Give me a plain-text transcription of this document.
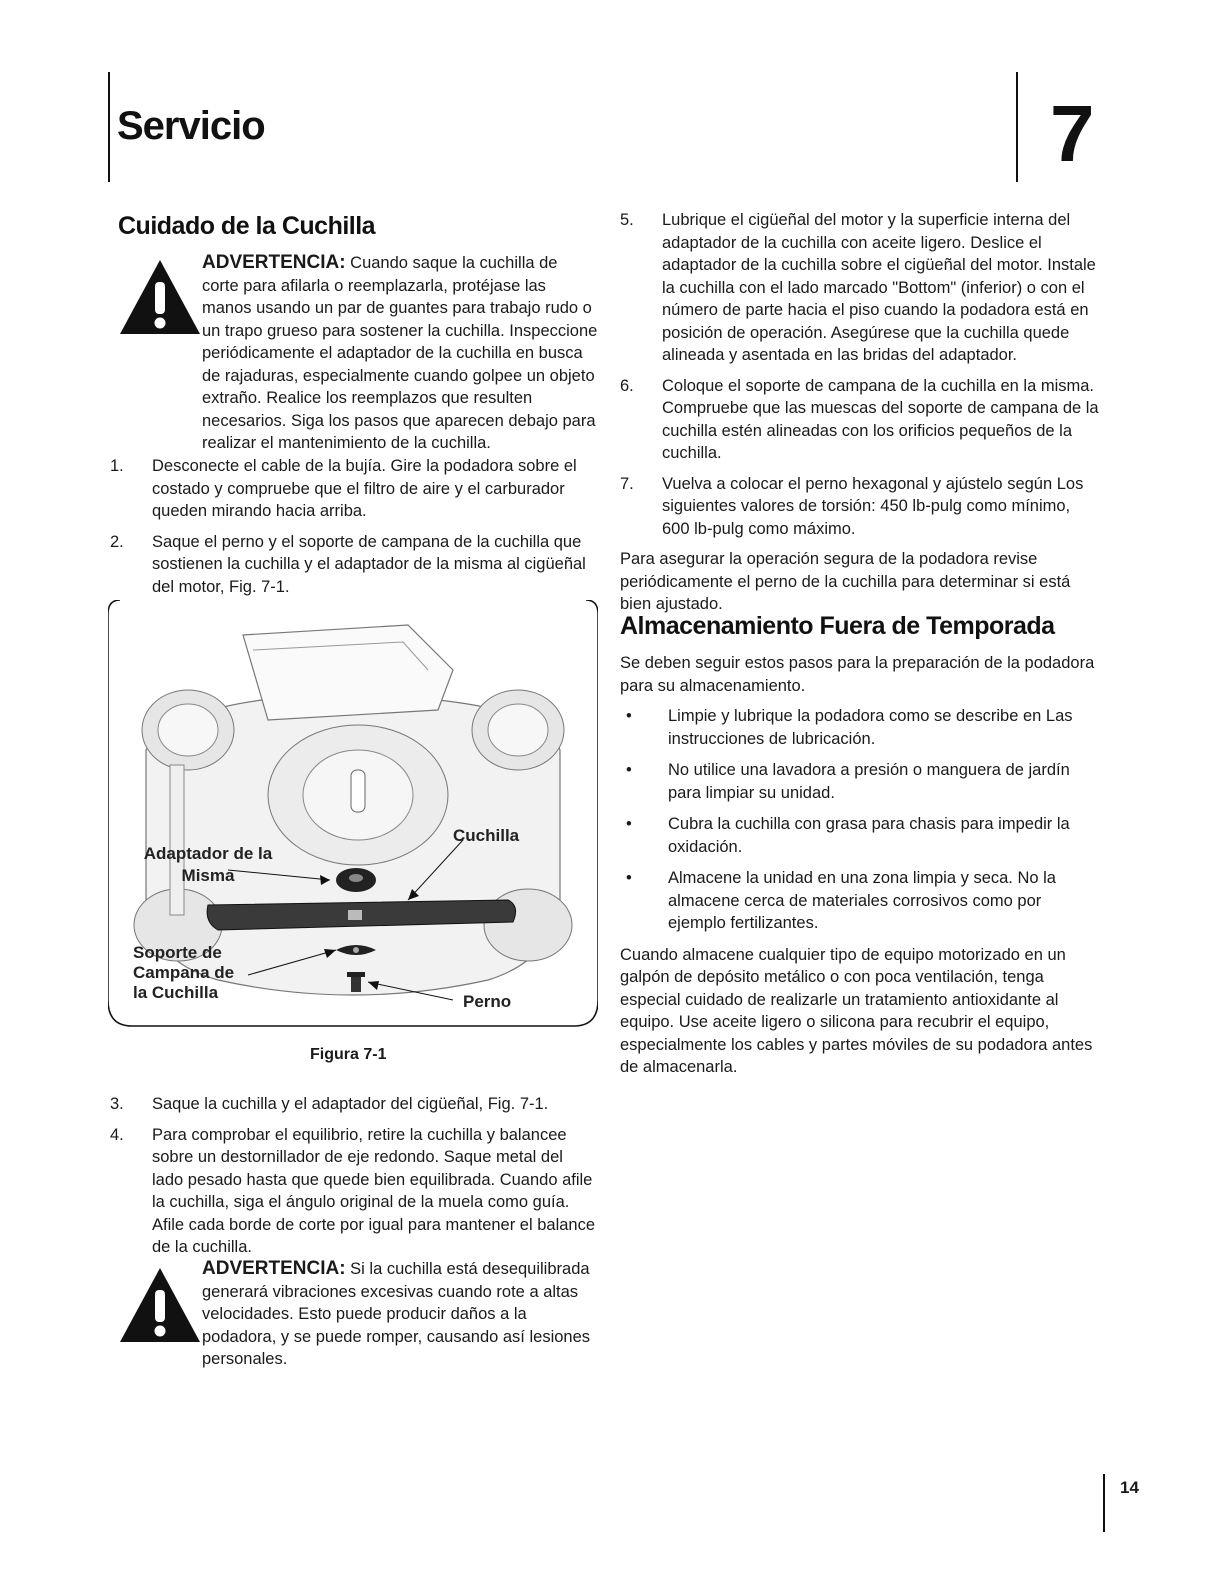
Servicio	7
Cuidado de la Cuchilla
ADVERTENCIA: Cuando saque la cuchilla de corte para afilarla o reemplazarla, protéjase las manos usando un par de guantes para trabajo rudo o un trapo grueso para sostener la cuchilla. Inspeccione periódicamente el adaptador de la cuchilla en busca de rajaduras, especialmente cuando golpee un objeto extraño. Realice los reemplazos que resulten necesarios. Siga los pasos que aparecen debajo para realizar el mantenimiento de la cuchilla.
1. Desconecte el cable de la bujía. Gire la podadora sobre el costado y compruebe que el filtro de aire y el carburador queden mirando hacia arriba.
2. Saque el perno y el soporte de campana de la cuchilla que sostienen la cuchilla y el adaptador de la misma al cigüeñal del motor, Fig. 7-1.
Adaptador de la Misma
Cuchilla
Soporte de Campana de la Cuchilla	Perno
Figura 7-1
3. Saque la cuchilla y el adaptador del cigüeñal, Fig. 7-1.
4. Para comprobar el equilibrio, retire la cuchilla y balancee sobre un destornillador de eje redondo. Saque metal del lado pesado hasta que quede bien equilibrada. Cuando afile la cuchilla, siga el ángulo original de la muela como guía. Afile cada borde de corte por igual para mantener el balance de la cuchilla.
ADVERTENCIA: Si la cuchilla está desequilibrada generará vibraciones excesivas cuando rote a altas velocidades. Esto puede producir daños a la podadora, y se puede romper, causando así lesiones personales.
5. Lubrique el cigüeñal del motor y la superficie interna del adaptador de la cuchilla con aceite ligero. Deslice el adaptador de la cuchilla sobre el cigüeñal del motor. Instale la cuchilla con el lado marcado "Bottom" (inferior) o con el número de parte hacia el piso cuando la podadora está en posición de operación. Asegúrese que la cuchilla quede alineada y asentada en las bridas del adaptador.
6. Coloque el soporte de campana de la cuchilla en la misma. Compruebe que las muescas del soporte de campana de la cuchilla estén alineadas con los orificios pequeños de la cuchilla.
7. Vuelva a colocar el perno hexagonal y ajústelo según Los siguientes valores de torsión: 450 lb-pulg como mínimo, 600 lb-pulg como máximo.
Para asegurar la operación segura de la podadora revise periódicamente el perno de la cuchilla para determinar si está bien ajustado.
Almacenamiento Fuera de Temporada
Se deben seguir estos pasos para la preparación de la podadora para su almacenamiento.
• Limpie y lubrique la podadora como se describe en Las instrucciones de lubricación.
• No utilice una lavadora a presión o manguera de jardín para limpiar su unidad.
• Cubra la cuchilla con grasa para chasis para impedir la oxidación.
• Almacene la unidad en una zona limpia y seca. No la almacene cerca de materiales corrosivos como por ejemplo fertilizantes.
Cuando almacene cualquier tipo de equipo motorizado en un galpón de depósito metálico o con poca ventilación, tenga especial cuidado de realizarle un tratamiento antioxidante al equipo. Use aceite ligero o silicona para recubrir el equipo, especialmente los cables y partes móviles de su podadora antes de almacenarla.
14
